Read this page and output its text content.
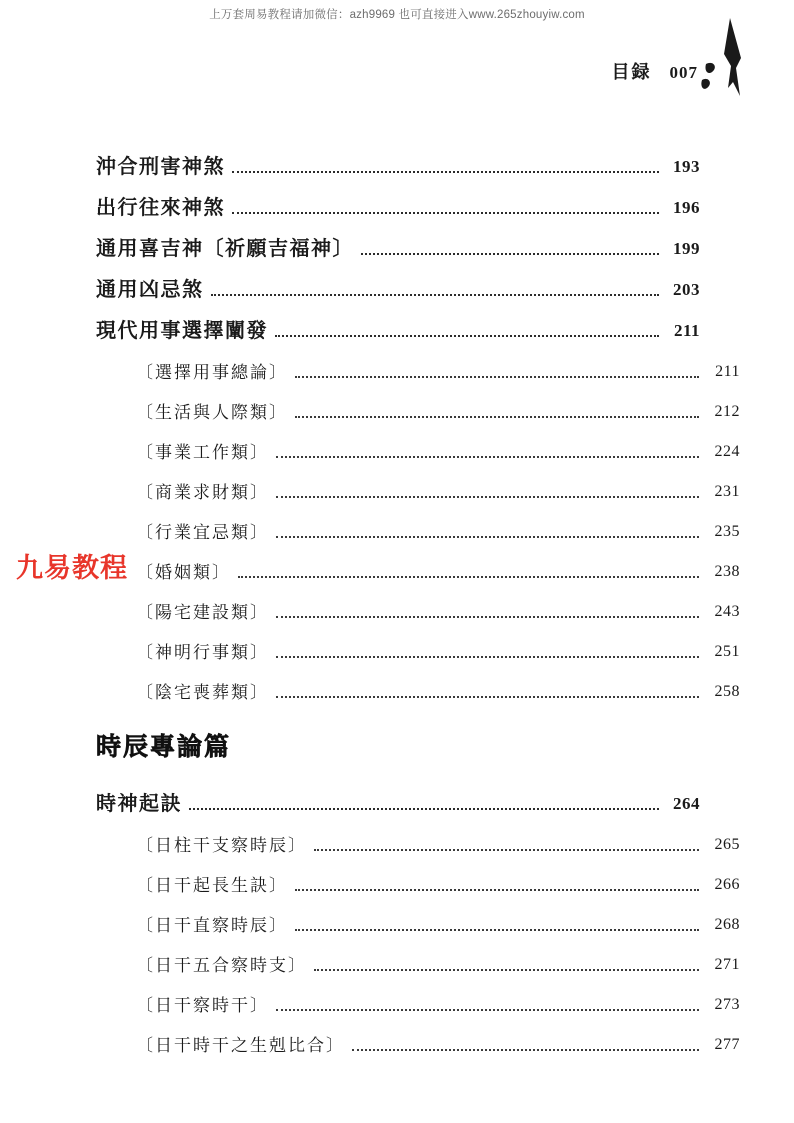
上万套周易教程请加微信：azh9969 也可直接进入www.265zhouyiw.com
目録 007
九易教程
沖合刑害神煞	193
出行往來神煞	196
通用喜吉神〔祈願吉福神〕	199
通用凶忌煞	203
現代用事選擇闡發	211
〔選擇用事總論〕	211
〔生活與人際類〕	212
〔事業工作類〕	224
〔商業求財類〕	231
〔行業宜忌類〕	235
〔婚姻類〕	238
〔陽宅建設類〕	243
〔神明行事類〕	251
〔陰宅喪葬類〕	258
時辰專論篇
時神起訣	264
〔日柱干支察時辰〕	265
〔日干起長生訣〕	266
〔日干直察時辰〕	268
〔日干五合察時支〕	271
〔日干察時干〕	273
〔日干時干之生剋比合〕	277
